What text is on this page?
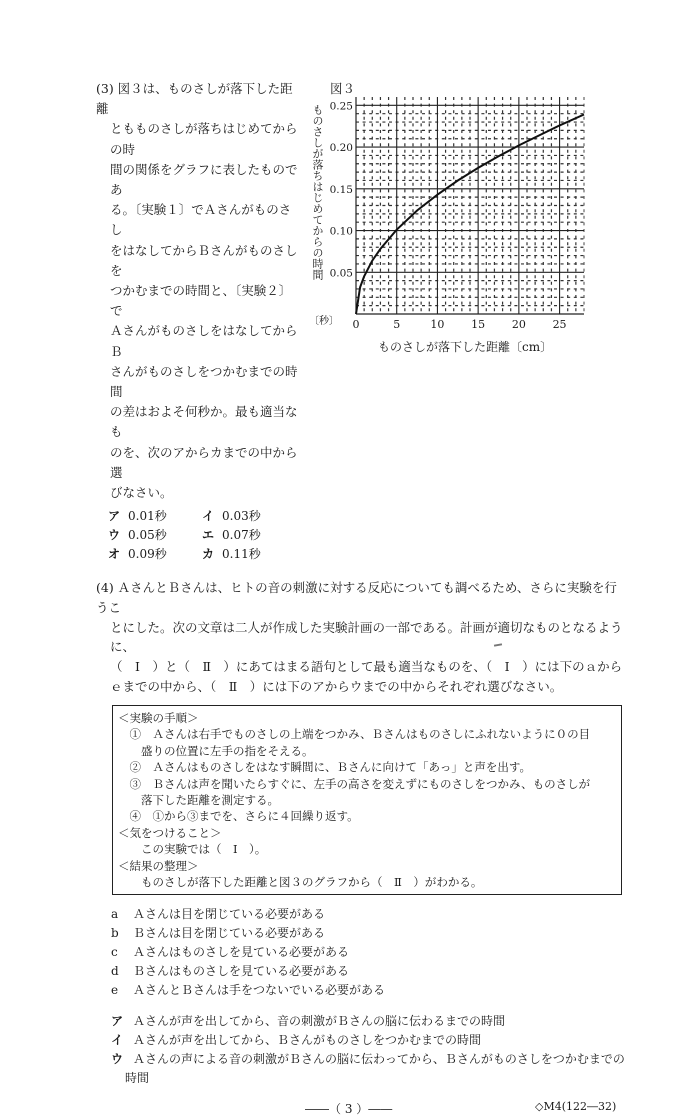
(3) 図３は、ものさしが落下した距離
ともものさしが落ちはじめてからの時
間の関係をグラフに表したものであ
る。〔実験１〕でＡさんがものさし
をはなしてからＢさんがものさしを
つかむまでの時間と、〔実験２〕で
ＡさんがものさしをはなしてからＢ
さんがものさしをつかむまでの時間
の差はおよそ何秒か。最も適当なも
のを、次のアからカまでの中から選
びなさい。
ア 0.01秒	イ 0.03秒
ウ 0.05秒	エ 0.07秒
オ 0.09秒	カ 0.11秒
図３
ものさしが落ちはじめてからの時間
〔秒〕
ものさしが落下した距離〔cm〕
0	5	10 15 20 25
0.05
0.10
0.15
0.20
0.25
(4) ＡさんとＢさんは、ヒトの音の刺激に対する反応についても調べるため、さらに実験を行うこ
とにした。次の文章は二人が作成した実験計画の一部である。計画が適切なものとなるように、
（　Ⅰ　）と（　Ⅱ　）にあてはまる語句として最も適当なものを、（　Ⅰ　）には下のａから
ｅまでの中から、（　Ⅱ　）には下のアからウまでの中からそれぞれ選びなさい。
＜実験の手順＞
　①　Ａさんは右手でものさしの上端をつかみ、Ｂさんはものさしにふれないように０の目
　　盛りの位置に左手の指をそえる。
　②　Ａさんはものさしをはなす瞬間に、Ｂさんに向けて「あっ」と声を出す。
　③　Ｂさんは声を聞いたらすぐに、左手の高さを変えずにものさしをつかみ、ものさしが
　　落下した距離を測定する。
　④　①から③までを、さらに４回繰り返す。
＜気をつけること＞
　　この実験では（　Ⅰ　）。
＜結果の整理＞
　　ものさしが落下した距離と図３のグラフから（　Ⅱ　）がわかる。
a	Ａさんは目を閉じている必要がある
b	Ｂさんは目を閉じている必要がある
c	Ａさんはものさしを見ている必要がある
d	Ｂさんはものさしを見ている必要がある
e	ＡさんとＢさんは手をつないでいる必要がある
ア Ａさんが声を出してから、音の刺激がＢさんの脳に伝わるまでの時間
イ Ａさんが声を出してから、Ｂさんがものさしをつかむまでの時間
ウ Ａさんの声による音の刺激がＢさんの脳に伝わってから、Ｂさんがものさしをつかむまでの
時間
――（ 3 ）――	◇M4(122―32)
